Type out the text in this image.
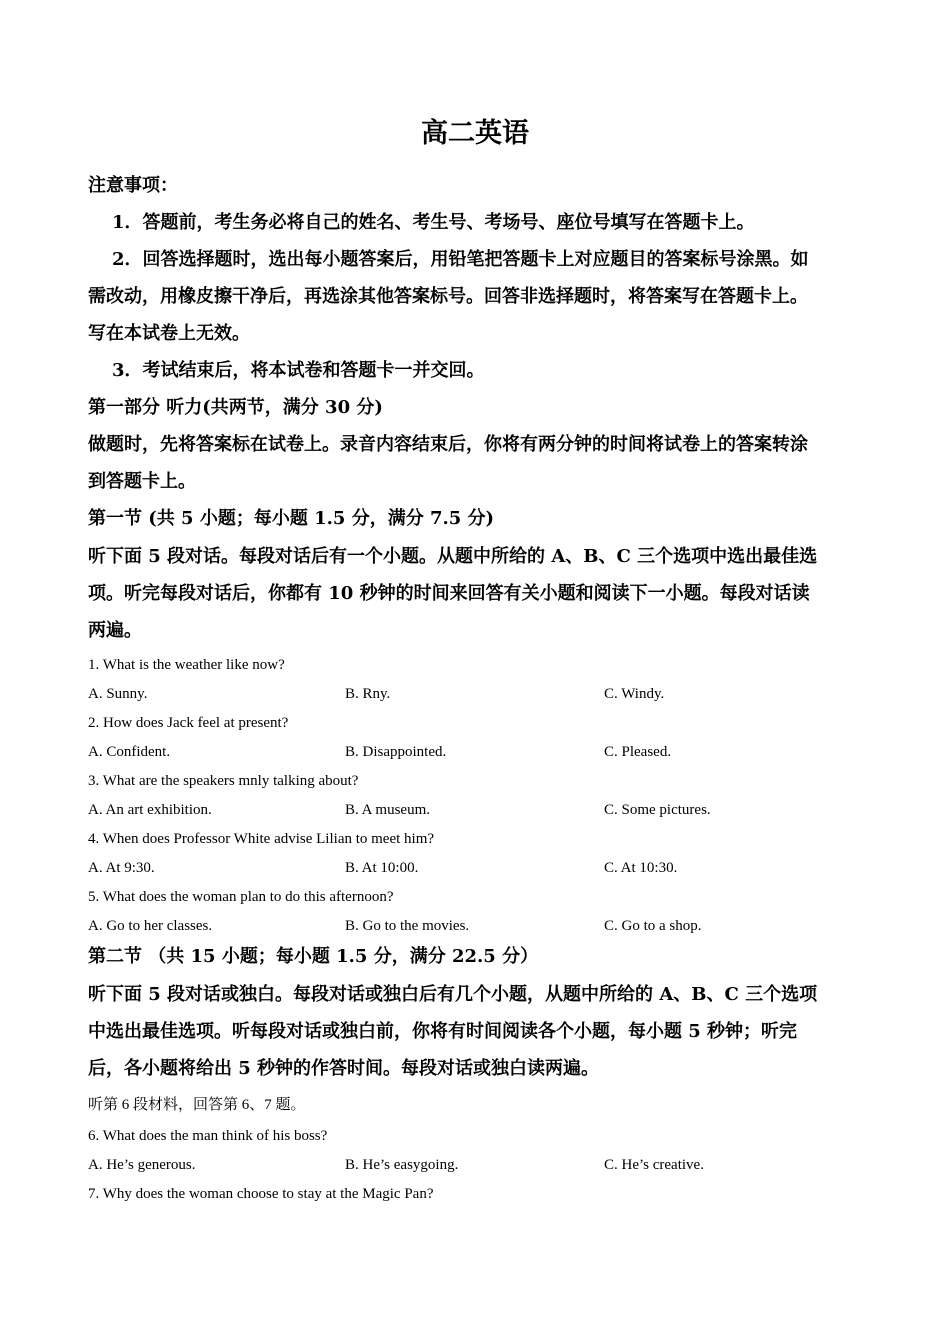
高二英语
注意事项：
1．答题前，考生务必将自己的姓名、考生号、考场号、座位号填写在答题卡上。
2．回答选择题时，选出每小题答案后，用铅笔把答题卡上对应题目的答案标号涂黑。如
需改动，用橡皮擦干净后，再选涂其他答案标号。回答非选择题时，将答案写在答题卡上。
写在本试卷上无效。
3．考试结束后，将本试卷和答题卡一并交回。
第一部分 听力(共两节，满分 30 分)
做题时，先将答案标在试卷上。录音内容结束后，你将有两分钟的时间将试卷上的答案转涂
到答题卡上。
第一节 (共 5 小题；每小题 1.5 分，满分 7.5 分)
听下面 5 段对话。每段对话后有一个小题。从题中所给的 A、B、C 三个选项中选出最佳选
项。听完每段对话后，你都有 10 秒钟的时间来回答有关小题和阅读下一小题。每段对话读
两遍。
1. What is the weather like now?
A. Sunny.	B. Rny.	C. Windy.
2. How does Jack feel at present?
A. Confident.	B. Disappointed.	C. Pleased.
3. What are the speakers mnly talking about?
A. An art exhibition.	B. A museum.	C. Some pictures.
4. When does Professor White advise Lilian to meet him?
A. At 9:30.	B. At 10:00.	C. At 10:30.
5. What does the woman plan to do this afternoon?
A. Go to her classes.	B. Go to the movies.	C. Go to a shop.
第二节 （共 15 小题；每小题 1.5 分，满分 22.5 分）
听下面 5 段对话或独白。每段对话或独白后有几个小题，从题中所给的 A、B、C 三个选项
中选出最佳选项。听每段对话或独白前，你将有时间阅读各个小题，每小题 5 秒钟；听完
后，各小题将给出 5 秒钟的作答时间。每段对话或独白读两遍。
听第 6 段材料，回答第 6、7 题。
6. What does the man think of his boss?
A. He’s generous.	B. He’s easygoing.	C. He’s creative.
7. Why does the woman choose to stay at the Magic Pan?
